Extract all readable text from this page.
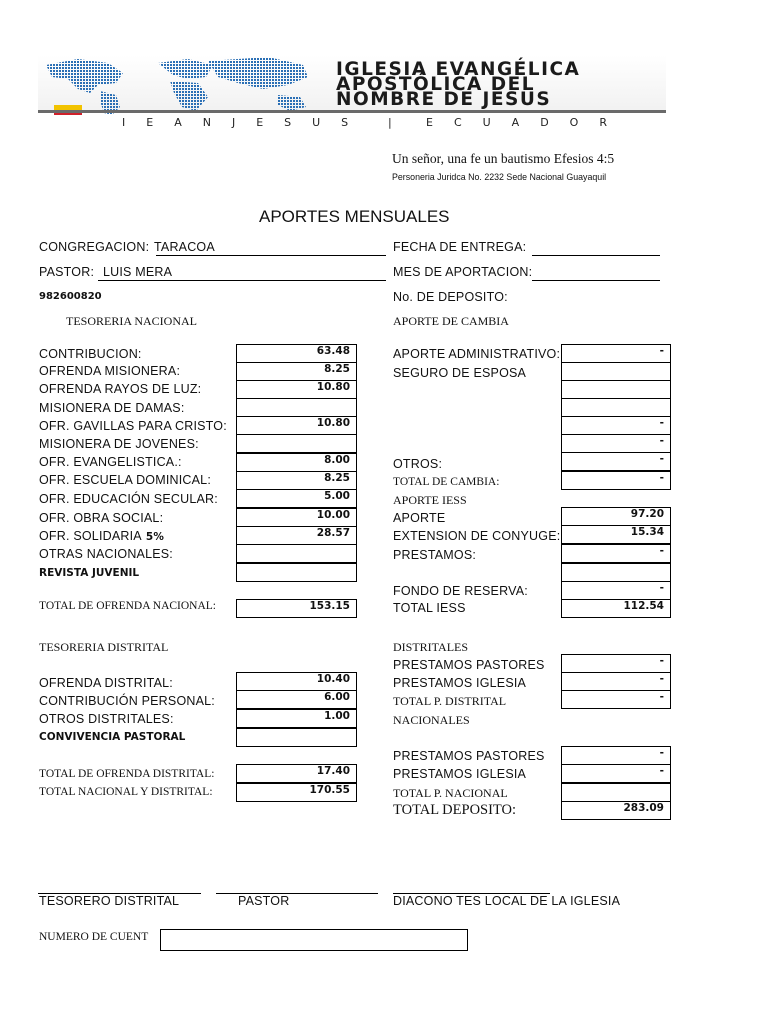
IGLESIA EVANGÉLICA
APOSTÓLICA DEL
NOMBRE DE JESÚS
IEANJESUS |	ECUADOR
Un señor, una fe un bautismo Efesios 4:5
Personeria Juridca No. 2232 Sede Nacional Guayaquil
APORTES MENSUALES
CONGREGACION: TARACOA
PASTOR: LUIS MERA
982600820
FECHA DE ENTREGA:
MES DE APORTACION:
No. DE DEPOSITO:
TESORERIA NACIONAL
CONTRIBUCION:	63.48
OFRENDA MISIONERA:	8.25
OFRENDA RAYOS DE LUZ:	10.80
MISIONERA DE DAMAS:
OFR. GAVILLAS PARA CRISTO:	10.80
MISIONERA DE JOVENES:
OFR. EVANGELISTICA.:	8.00
OFR. ESCUELA DOMINICAL:	8.25
OFR. EDUCACIÓN SECULAR:	5.00
OFR. OBRA SOCIAL:	10.00
OFR. SOLIDARIA 5%	28.57
OTRAS NACIONALES:
REVISTA JUVENIL
TOTAL DE OFRENDA NACIONAL:	153.15
APORTE DE CAMBIA
APORTE ADMINISTRATIVO:	-
SEGURO DE ESPOSA
-
-
OTROS:	-
TOTAL DE CAMBIA:	-
APORTE IESS
APORTE	97.20
EXTENSION DE CONYUGE:	15.34
PRESTAMOS:	-
FONDO DE RESERVA:	-
TOTAL IESS	112.54
TESORERIA DISTRITAL
OFRENDA DISTRITAL:	10.40
CONTRIBUCIÓN PERSONAL:	6.00
OTROS DISTRITALES:	1.00
CONVIVENCIA PASTORAL
TOTAL DE OFRENDA DISTRITAL:	17.40
TOTAL NACIONAL Y DISTRITAL:	170.55
DISTRITALES
PRESTAMOS PASTORES	-
PRESTAMOS IGLESIA	-
TOTAL P. DISTRITAL	-
NACIONALES
PRESTAMOS PASTORES	-
PRESTAMOS IGLESIA	-
TOTAL P. NACIONAL
TOTAL DEPOSITO:	283.09
TESORERO DISTRITAL	PASTOR	DIACONO TES LOCAL DE LA IGLESIA
NUMERO DE CUENT
